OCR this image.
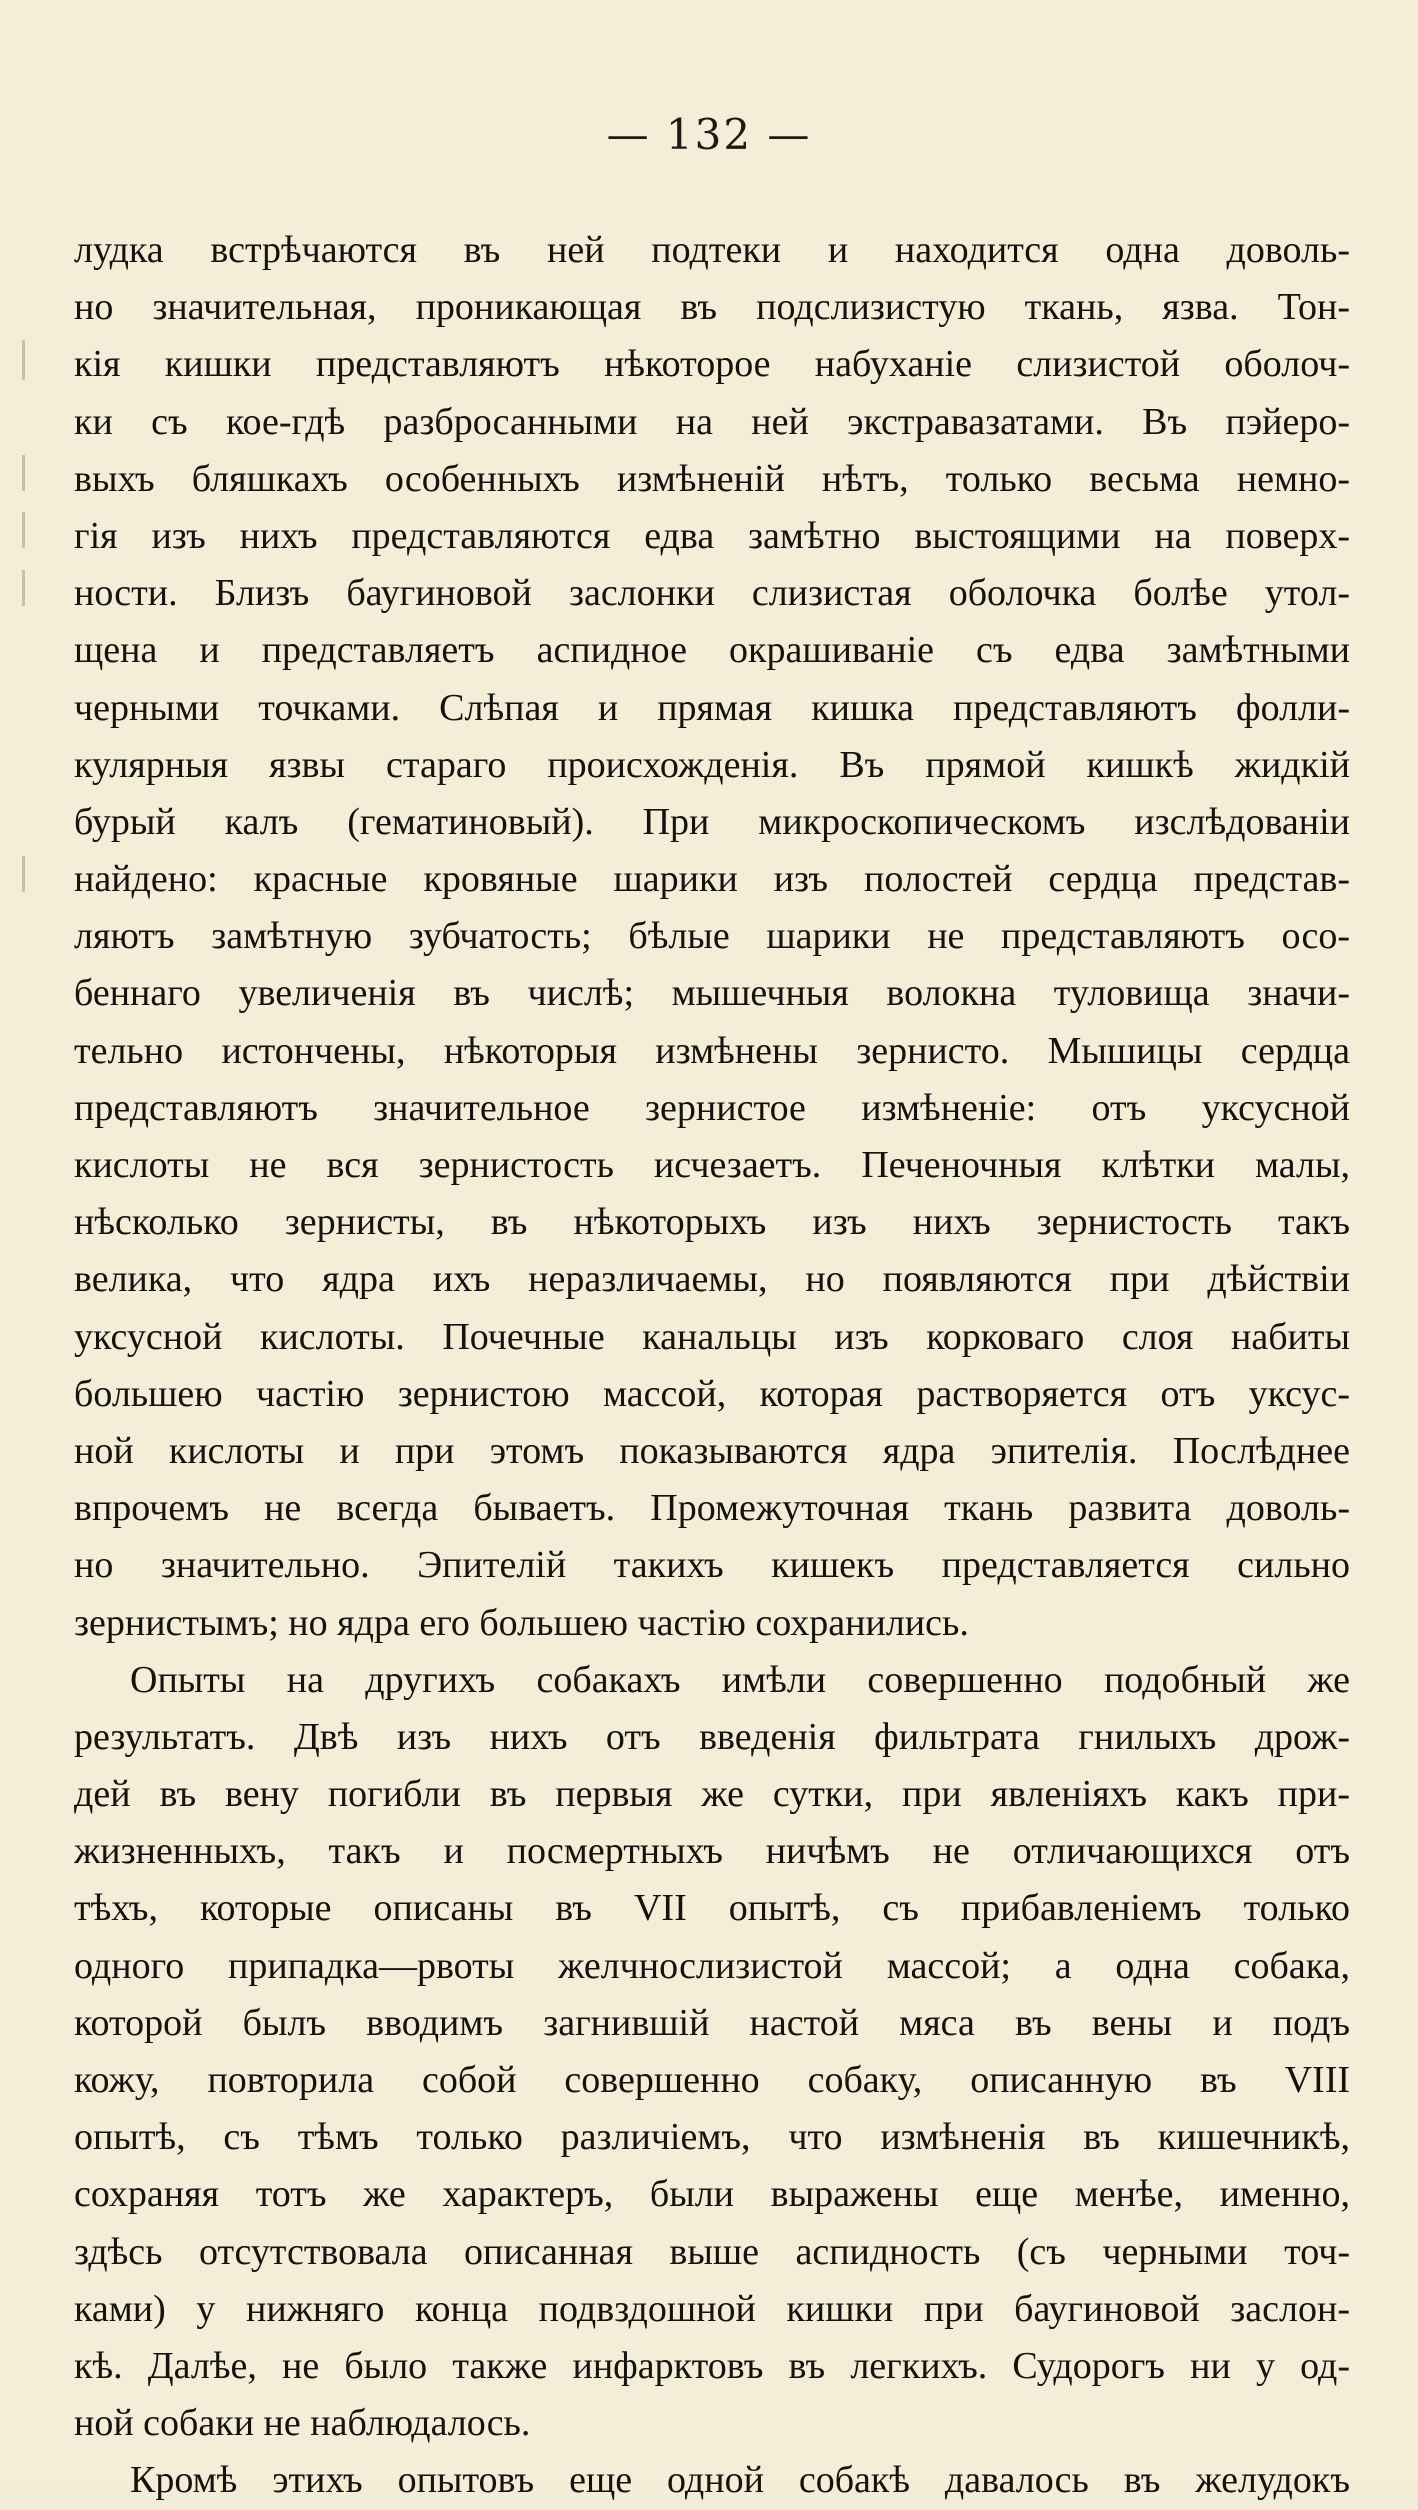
— 132 —
лудка встрѣчаются въ ней подтеки и находится одна доволь-
но значительная, проникающая въ подслизистую ткань, язва. Тон-
кія кишки представляютъ нѣкоторое набуханіе слизистой оболоч-
ки съ кое-гдѣ разбросанными на ней экстравазатами. Въ пэйеро-
выхъ бляшкахъ особенныхъ измѣненій нѣтъ, только весьма немно-
гія изъ нихъ представляются едва замѣтно выстоящими на поверх-
ности. Близъ баугиновой заслонки слизистая оболочка болѣе утол-
щена и представляетъ аспидное окрашиваніе съ едва замѣтными
черными точками. Слѣпая и прямая кишка представляютъ фолли-
кулярныя язвы стараго происхожденія. Въ прямой кишкѣ жидкій
бурый калъ (гематиновый). При микроскопическомъ изслѣдованіи
найдено: красные кровяные шарики изъ полостей сердца представ-
ляютъ замѣтную зубчатость; бѣлые шарики не представляютъ осо-
беннаго увеличенія въ числѣ; мышечныя волокна туловища значи-
тельно истончены, нѣкоторыя измѣнены зернисто. Мышицы сердца
представляютъ значительное зернистое измѣненіе: отъ уксусной
кислоты не вся зернистость исчезаетъ. Печеночныя клѣтки малы,
нѣсколько зернисты, въ нѣкоторыхъ изъ нихъ зернистость такъ
велика, что ядра ихъ неразличаемы, но появляются при дѣйствіи
уксусной кислоты. Почечные канальцы изъ корковаго слоя набиты
большею частію зернистою массой, которая растворяется отъ уксус-
ной кислоты и при этомъ показываются ядра эпителія. Послѣднее
впрочемъ не всегда бываетъ. Промежуточная ткань развита доволь-
но значительно. Эпителій такихъ кишекъ представляется сильно
зернистымъ; но ядра его большею частію сохранились.
Опыты на другихъ собакахъ имѣли совершенно подобный же
результатъ. Двѣ изъ нихъ отъ введенія фильтрата гнилыхъ дрож-
дей въ вену погибли въ первыя же сутки, при явленіяхъ какъ при-
жизненныхъ, такъ и посмертныхъ ничѣмъ не отличающихся отъ
тѣхъ, которые описаны въ VII опытѣ, съ прибавленіемъ только
одного припадка—рвоты желчнослизистой массой; а одна собака,
которой былъ вводимъ загнившій настой мяса въ вены и подъ
кожу, повторила собой совершенно собаку, описанную въ VIII
опытѣ, съ тѣмъ только различіемъ, что измѣненія въ кишечникѣ,
сохраняя тотъ же характеръ, были выражены еще менѣе, именно,
здѣсь отсутствовала описанная выше аспидность (съ черными точ-
ками) у нижняго конца подвздошной кишки при баугиновой заслон-
кѣ. Далѣе, не было также инфарктовъ въ легкихъ. Судорогъ ни у од-
ной собаки не наблюдалось.
Кромѣ этихъ опытовъ еще одной собакѣ давалось въ желудокъ
